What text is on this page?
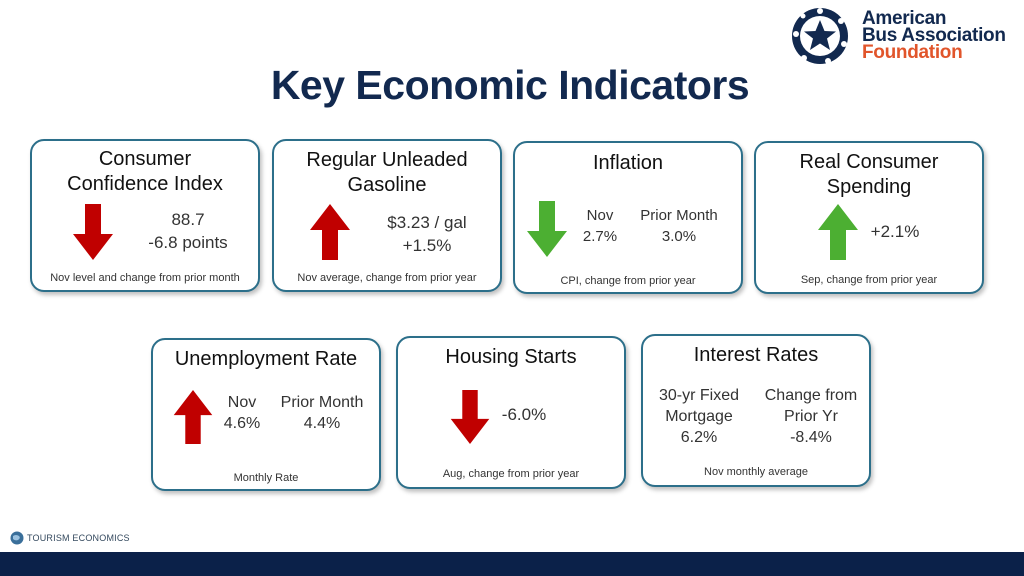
American
Bus Association
Foundation
Key Economic Indicators
Consumer
Confidence Index
88.7
-6.8 points
Nov level and change from prior month
Regular Unleaded
Gasoline
$3.23 / gal
+1.5%
Nov average, change from prior year
Inflation
Nov
2.7%
Prior Month
3.0%
CPI, change from prior year
Real Consumer
Spending
+2.1%
Sep, change from prior year
Unemployment Rate
Nov
4.6%
Prior Month
4.4%
Monthly Rate
Housing Starts
-6.0%
Aug, change from prior year
Interest Rates
30-yr Fixed
Mortgage
6.2%
Change from
Prior Yr
-8.4%
Nov monthly average
TOURISM ECONOMICS
